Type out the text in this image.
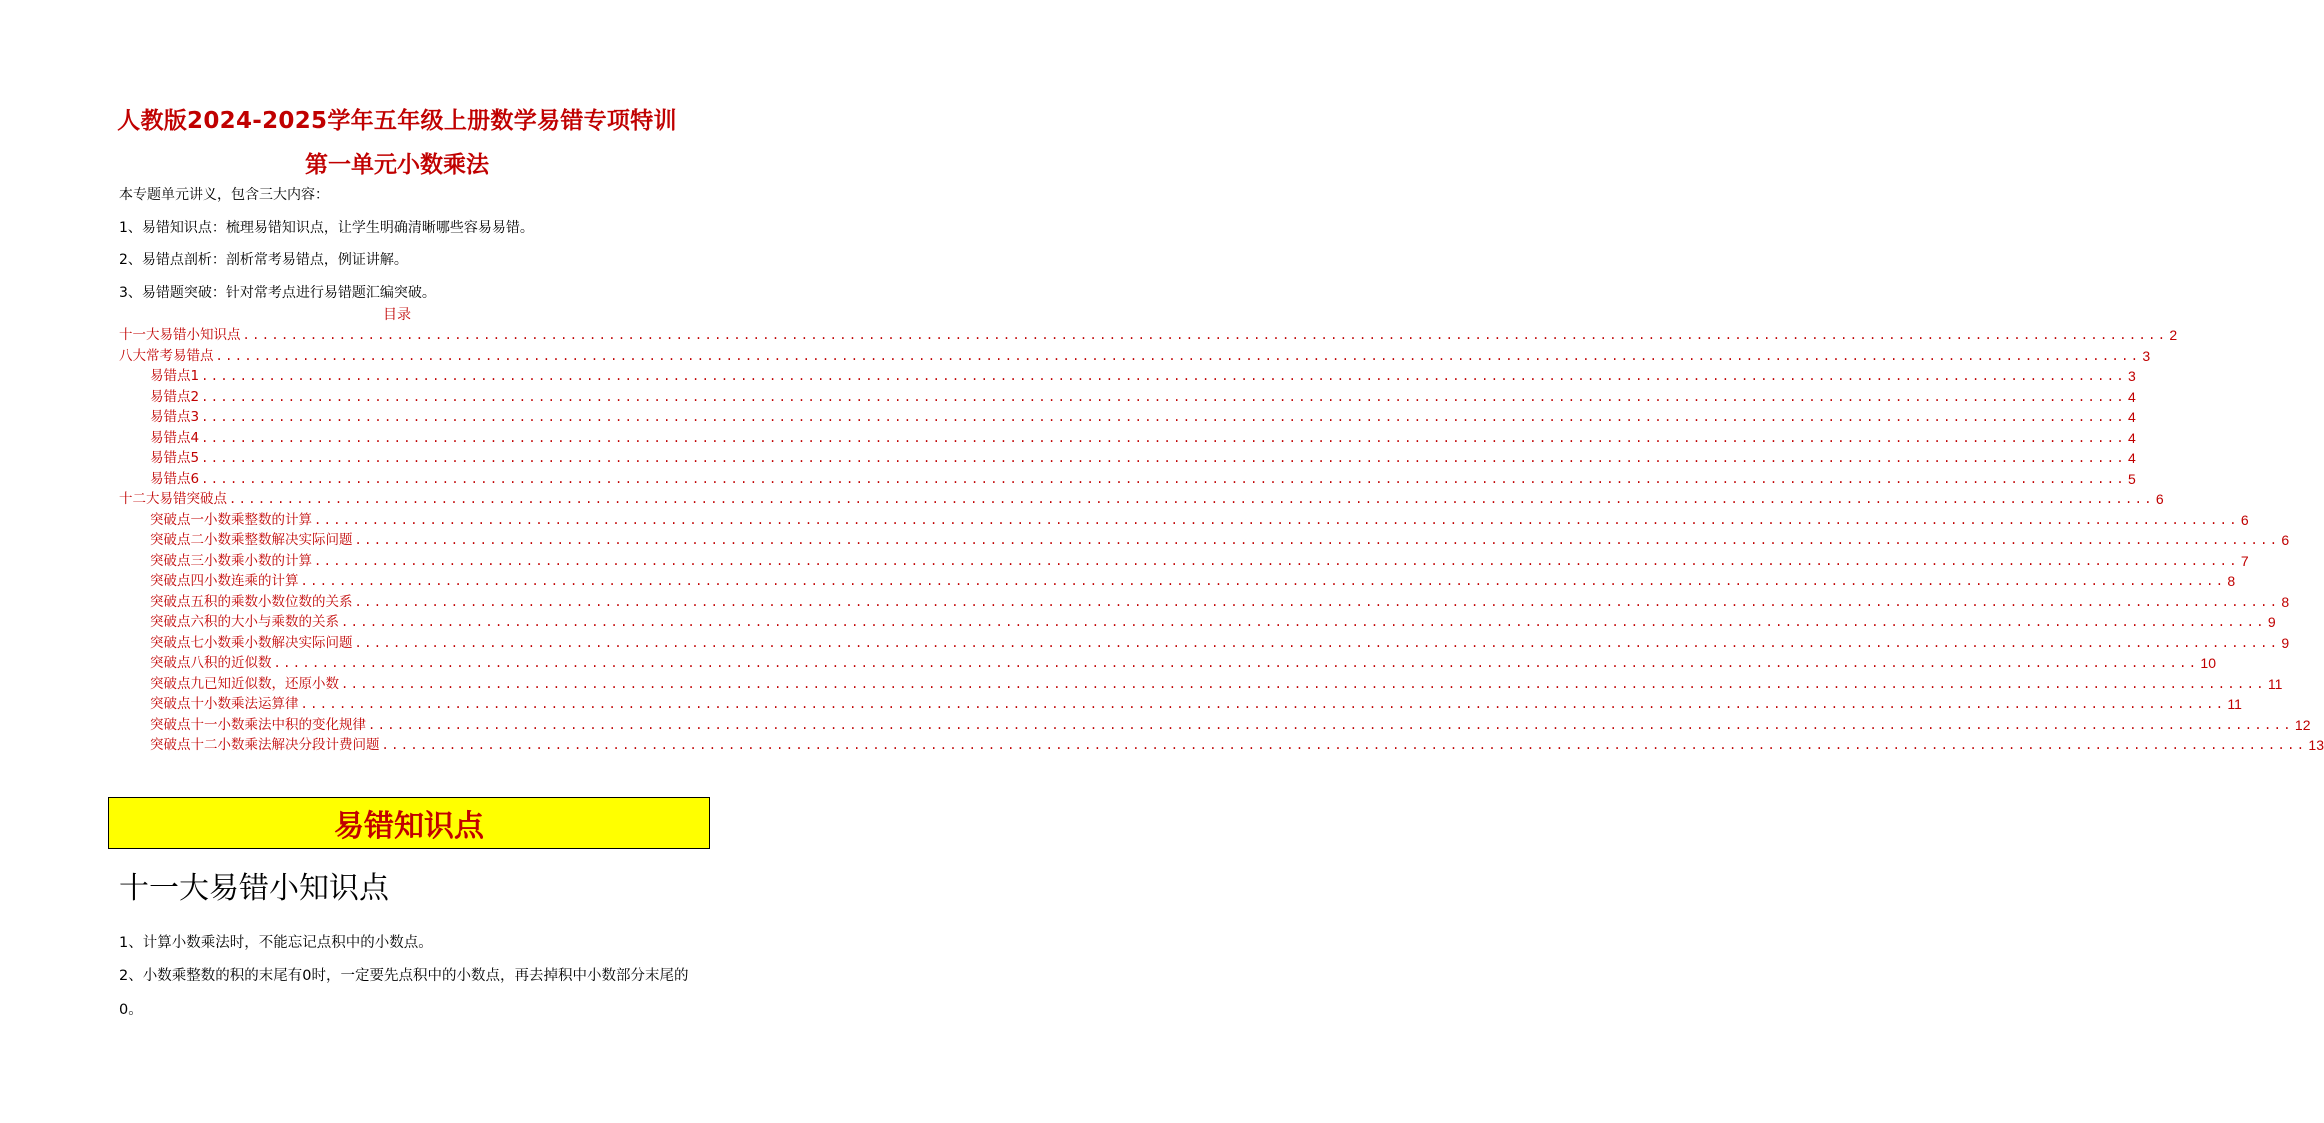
人教版2024-2025学年五年级上册数学易错专项特训
第一单元小数乘法
本专题单元讲义，包含三大内容：
1、易错知识点：梳理易错知识点，让学生明确清晰哪些容易易错。
2、易错点剖析：剖析常考易错点，例证讲解。
3、易错题突破：针对常考点进行易错题汇编突破。
目录
十一大易错小知识点 ........................................................................................................................................................................................................ 2
八大常考易错点 ........................................................................................................................................................................................................ 3
易错点1 ........................................................................................................................................................................................................ 3
易错点2 ........................................................................................................................................................................................................ 4
易错点3 ........................................................................................................................................................................................................ 4
易错点4 ........................................................................................................................................................................................................ 4
易错点5 ........................................................................................................................................................................................................ 4
易错点6 ........................................................................................................................................................................................................ 5
十二大易错突破点 ........................................................................................................................................................................................................ 6
突破点一小数乘整数的计算 ........................................................................................................................................................................................................ 6
突破点二小数乘整数解决实际问题 ........................................................................................................................................................................................................ 6
突破点三小数乘小数的计算 ........................................................................................................................................................................................................ 7
突破点四小数连乘的计算 ........................................................................................................................................................................................................ 8
突破点五积的乘数小数位数的关系 ........................................................................................................................................................................................................ 8
突破点六积的大小与乘数的关系 ........................................................................................................................................................................................................ 9
突破点七小数乘小数解决实际问题 ........................................................................................................................................................................................................ 9
突破点八积的近似数 ........................................................................................................................................................................................................ 10
突破点九已知近似数，还原小数 ........................................................................................................................................................................................................ 11
突破点十小数乘法运算律 ........................................................................................................................................................................................................ 11
突破点十一小数乘法中积的变化规律 ........................................................................................................................................................................................................ 12
突破点十二小数乘法解决分段计费问题 ........................................................................................................................................................................................................ 13
易错知识点
十一大易错小知识点
1、计算小数乘法时，不能忘记点积中的小数点。
2、小数乘整数的积的末尾有0时，一定要先点积中的小数点，再去掉积中小数部分末尾的0。
